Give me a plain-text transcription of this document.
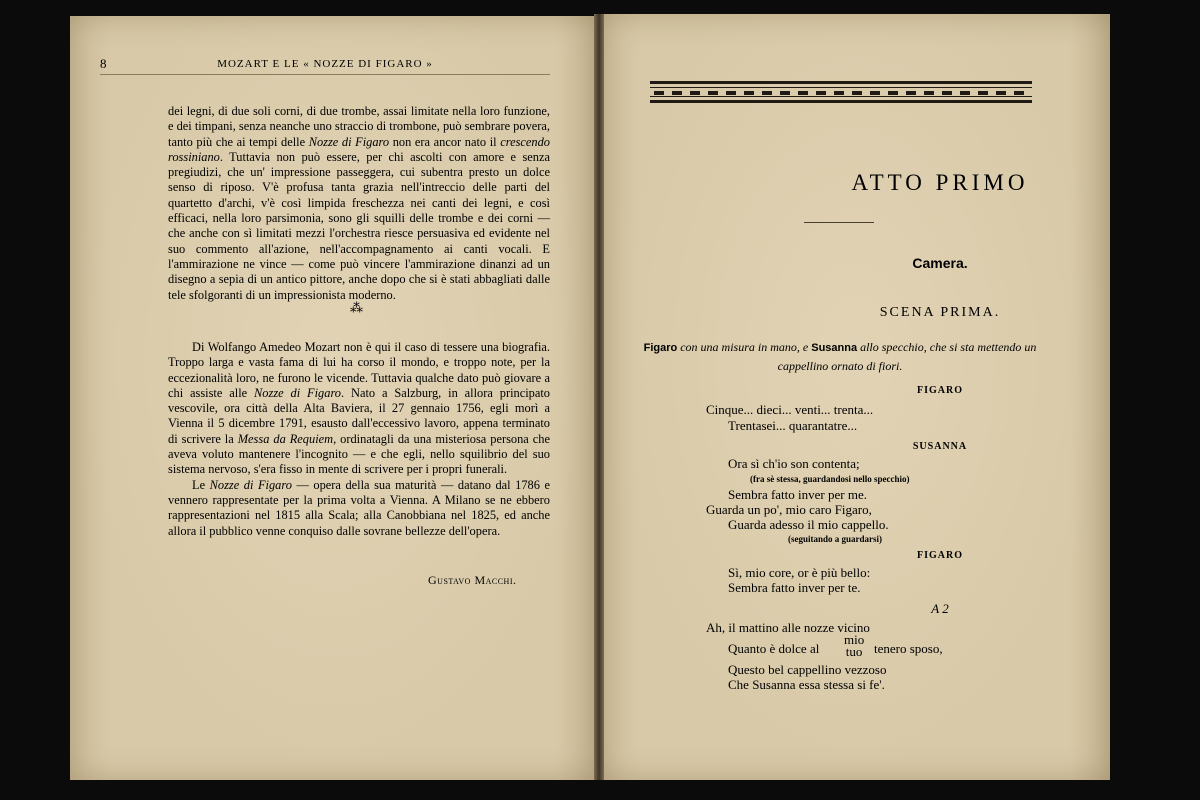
8	MOZART E LE « NOZZE DI FIGARO »
dei legni, di due soli corni, di due trombe, assai limitate nella loro funzione, e dei timpani, senza neanche uno straccio di trombone, può sembrare povera, tanto più che ai tempi delle Nozze di Figaro non era ancor nato il crescendo rossiniano. Tuttavia non può essere, per chi ascolti con amore e senza pregiudizi, che un' impressione passeggera, cui subentra presto un dolce senso di riposo. V'è profusa tanta grazia nell'intreccio delle parti del quartetto d'archi, v'è così limpida freschezza nei canti dei legni, e così efficaci, nella loro parsimonia, sono gli squilli delle trombe e dei corni — che anche con sì limitati mezzi l'orchestra riesce persuasiva ed evidente nel suo commento all'azione, nell'accompagnamento ai canti vocali. E l'ammirazione ne vince — come può vincere l'ammirazione dinanzi ad un disegno a sepia di un antico pittore, anche dopo che si è stati abbagliati dalle tele sfolgoranti di un impressionista moderno.
⁂

Di Wolfango Amedeo Mozart non è qui il caso di tessere una biografia. Troppo larga e vasta fama di lui ha corso il mondo, e troppo note, per la eccezionalità loro, ne furono le vicende. Tuttavia qualche dato può giovare a chi assiste alle Nozze di Figaro. Nato a Salzburg, in allora principato vescovile, ora città della Alta Baviera, il 27 gennaio 1756, egli morì a Vienna il 5 dicembre 1791, esausto dall'eccessivo lavoro, appena terminato di scrivere la Messa da Requiem, ordinatagli da una misteriosa persona che aveva voluto mantenere l'incognito — e che egli, nello squilibrio del suo sistema nervoso, s'era fisso in mente di scrivere per i propri funerali.

Le Nozze di Figaro — opera della sua maturità — datano dal 1786 e vennero rappresentate per la prima volta a Vienna. A Milano se ne ebbero rappresentazioni nel 1815 alla Scala; alla Canobbiana nel 1825, ed anche allora il pubblico venne conquiso dalle sovrane bellezze dell'opera.

Gustavo Macchi.
ATTO PRIMO
Camera.
SCENA PRIMA.
Figaro con una misura in mano, e Susanna allo specchio, che si sta mettendo un cappellino ornato di fiori.
FIGARO
Cinque... dieci... venti... trenta...
Trentasei... quarantatre...
SUSANNA
Ora sì ch'io son contenta;
(fra sè stessa, guardandosi nello specchio)
Sembra fatto inver per me.
Guarda un po', mio caro Figaro,
Guarda adesso il mio cappello.
(seguitando a guardarsi)
FIGARO
Sì, mio core, or è più bello:
Sembra fatto inver per te.
A 2
Ah, il mattino alle nozze vicino
Quanto è dolce al
mio
tuo tenero sposo,
Questo bel cappellino vezzoso
Che Susanna essa stessa si fe'.
